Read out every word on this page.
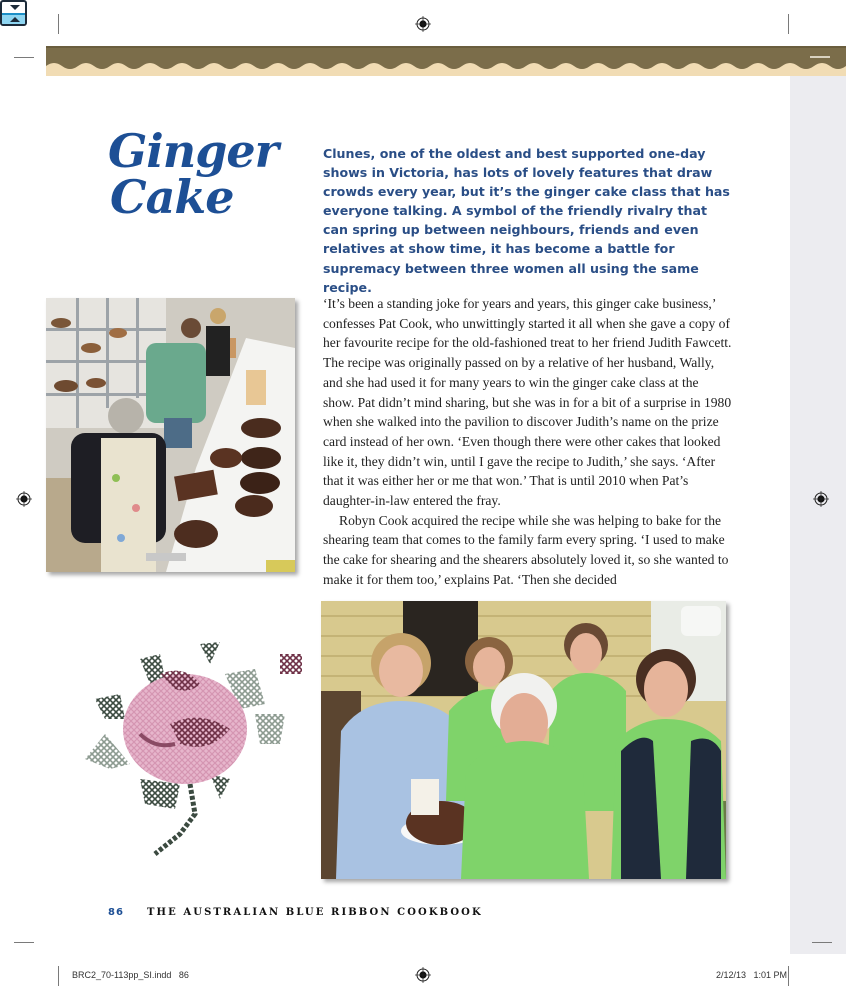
Ginger
Cake
Clunes, one of the oldest and best supported one-day shows in Victoria, has lots of lovely features that draw crowds every year, but it’s the ginger cake class that has everyone talking. A symbol of the friendly rivalry that can spring up between neighbours, friends and even relatives at show time, it has become a battle for supremacy between three women all using the same recipe.

‘It’s been a standing joke for years and years, this ginger cake business,’ confesses Pat Cook, who unwittingly started it all when she gave a copy of her favourite recipe for the old-fashioned treat to her friend Judith Fawcett. The recipe was originally passed on by a relative of her husband, Wally, and she had used it for many years to win the ginger cake class at the show. Pat didn’t mind sharing, but she was in for a bit of a surprise in 1980 when she walked into the pavilion to discover Judith’s name on the prize card instead of her own. ‘Even though there were other cakes that looked like it, they didn’t win, until I gave the recipe to Judith,’ she says. ‘After that it was either her or me that won.’ That is until 2010 when Pat’s daughter-in-law entered the fray.

Robyn Cook acquired the recipe while she was helping to bake for the shearing team that comes to the family farm every spring. ‘I used to make the cake for shearing and the shearers absolutely loved it, so she wanted to make it for them too,’ explains Pat. ‘Then she decided

86 THE AUSTRALIAN BLUE RIBBON COOKBOOK
BRC2_70-113pp_SI.indd   86	2/12/13   1:01 PM
